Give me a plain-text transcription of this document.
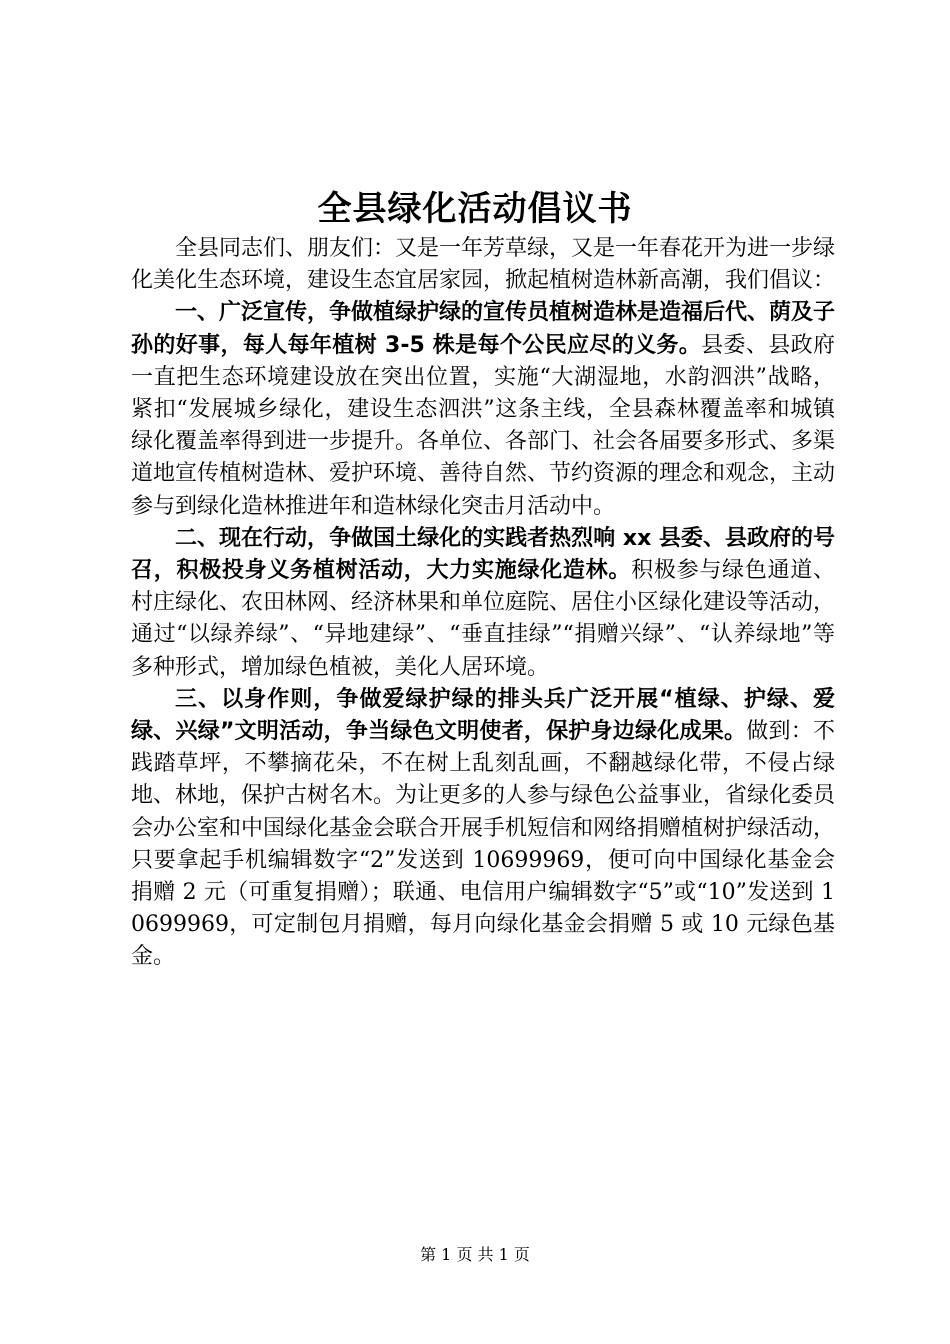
全县绿化活动倡议书

全县同志们、朋友们：又是一年芳草绿，又是一年春花开为进一步绿化美化生态环境，建设生态宜居家园，掀起植树造林新高潮，我们倡议：

一、广泛宣传，争做植绿护绿的宣传员植树造林是造福后代、荫及子孙的好事，每人每年植树 3-5 株是每个公民应尽的义务。县委、县政府一直把生态环境建设放在突出位置，实施“大湖湿地，水韵泗洪”战略，紧扣“发展城乡绿化，建设生态泗洪”这条主线，全县森林覆盖率和城镇绿化覆盖率得到进一步提升。各单位、各部门、社会各届要多形式、多渠道地宣传植树造林、爱护环境、善待自然、节约资源的理念和观念，主动参与到绿化造林推进年和造林绿化突击月活动中。

二、现在行动，争做国土绿化的实践者热烈响 xx 县委、县政府的号召，积极投身义务植树活动，大力实施绿化造林。积极参与绿色通道、村庄绿化、农田林网、经济林果和单位庭院、居住小区绿化建设等活动，通过“以绿养绿”、“异地建绿”、“垂直挂绿”“捐赠兴绿”、“认养绿地”等多种形式，增加绿色植被，美化人居环境。

三、以身作则，争做爱绿护绿的排头兵广泛开展“植绿、护绿、爱绿、兴绿”文明活动，争当绿色文明使者，保护身边绿化成果。做到：不践踏草坪，不攀摘花朵，不在树上乱刻乱画，不翻越绿化带，不侵占绿地、林地，保护古树名木。为让更多的人参与绿色公益事业，省绿化委员会办公室和中国绿化基金会联合开展手机短信和网络捐赠植树护绿活动，只要拿起手机编辑数字“2”发送到 10699969，便可向中国绿化基金会捐赠 2 元（可重复捐赠）；联通、电信用户编辑数字“5”或“10”发送到 10699969，可定制包月捐赠，每月向绿化基金会捐赠 5 或 10 元绿色基金。

第 1 页 共 1 页
